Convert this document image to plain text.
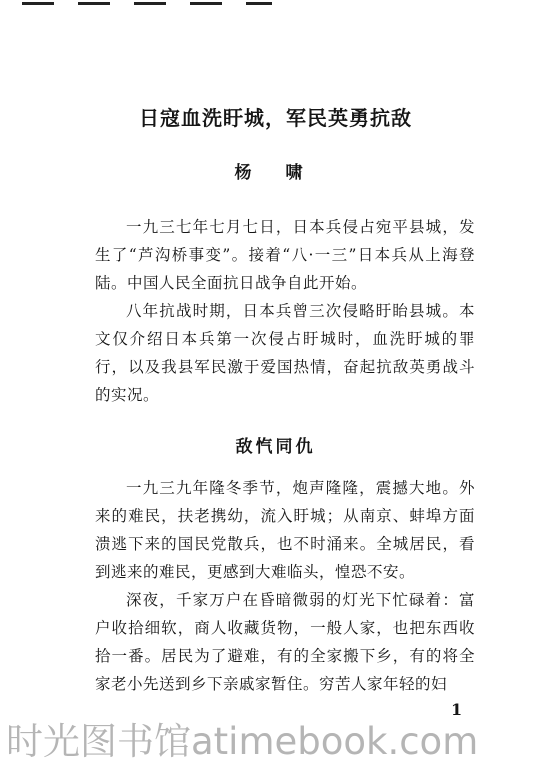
日寇血洗盱城，军民英勇抗敌
杨 啸

一九三七年七月七日，日本兵侵占宛平县城，发生了“芦沟桥事变”。接着“八·一三”日本兵从上海登陆。中国人民全面抗日战争自此开始。

八年抗战时期，日本兵曾三次侵略盱眙县城。本文仅介绍日本兵第一次侵占盱城时，血洗盱城的罪行，以及我县军民激于爱国热情，奋起抗敌英勇战斗的实况。

敌忾同仇

一九三九年隆冬季节，炮声隆隆，震撼大地。外来的难民，扶老携幼，流入盱城；从南京、蚌埠方面溃逃下来的国民党散兵，也不时涌来。全城居民，看到逃来的难民，更感到大难临头，惶恐不安。

深夜，千家万户在昏暗微弱的灯光下忙碌着：富户收拾细软，商人收藏货物，一般人家，也把东西收拾一番。居民为了避难，有的全家搬下乡，有的将全家老小先送到乡下亲戚家暂住。穷苦人家年轻的妇

1
时光图书馆atimebook.com
